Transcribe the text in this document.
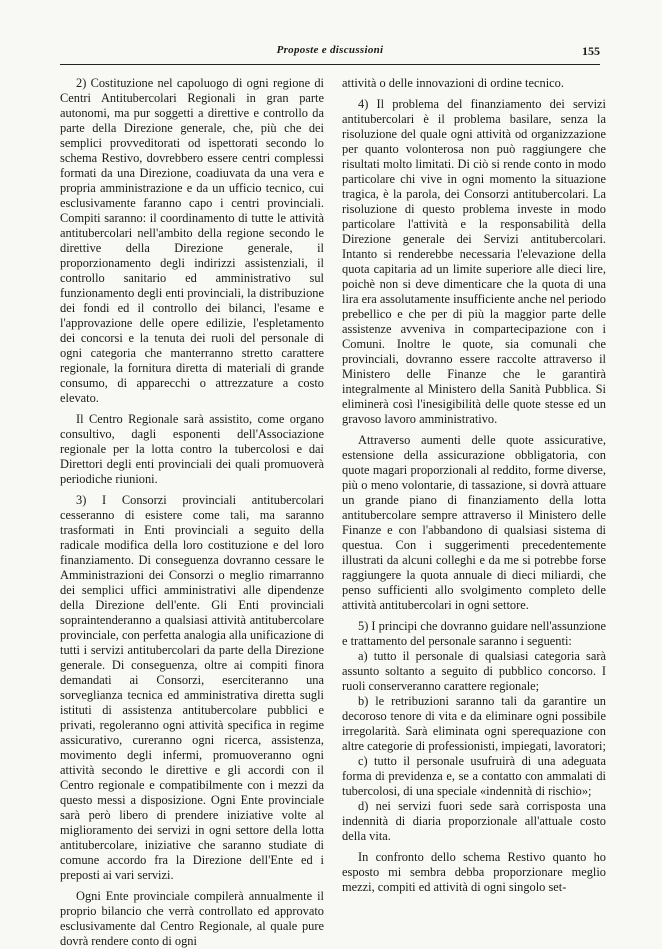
Proposte e discussioni	155

2) Costituzione nel capoluogo di ogni regione di Centri Antitubercolari Regionali in gran parte autonomi, ma pur soggetti a direttive e controllo da parte della Direzione generale, che, più che dei semplici provveditorati od ispettorati secondo lo schema Restivo, dovrebbero essere centri complessi formati da una Direzione, coadiuvata da una vera e propria amministrazione e da un ufficio tecnico, cui esclusivamente faranno capo i centri provinciali. Compiti saranno: il coordinamento di tutte le attività antitubercolari nell'ambito della regione secondo le direttive della Direzione generale, il proporzionamento degli indirizzi assistenziali, il controllo sanitario ed amministrativo sul funzionamento degli enti provinciali, la distribuzione dei fondi ed il controllo dei bilanci, l'esame e l'approvazione delle opere edilizie, l'espletamento dei concorsi e la tenuta dei ruoli del personale di ogni categoria che manterranno stretto carattere regionale, la fornitura diretta di materiali di grande consumo, di apparecchi o attrezzature a costo elevato.

Il Centro Regionale sarà assistito, come organo consultivo, dagli esponenti dell'Associazione regionale per la lotta contro la tubercolosi e dai Direttori degli enti provinciali dei quali promuoverà periodiche riunioni.

3) I Consorzi provinciali antitubercolari cesseranno di esistere come tali, ma saranno trasformati in Enti provinciali a seguito della radicale modifica della loro costituzione e del loro finanziamento. Di conseguenza dovranno cessare le Amministrazioni dei Consorzi o meglio rimarranno dei semplici uffici amministrativi alle dipendenze della Direzione dell'ente. Gli Enti provinciali sopraintenderanno a qualsiasi attività antitubercolare provinciale, con perfetta analogia alla unificazione di tutti i servizi antitubercolari da parte della Direzione generale. Di conseguenza, oltre ai compiti finora demandati ai Consorzi, eserciteranno una sorveglianza tecnica ed amministrativa diretta sugli istituti di assistenza antitubercolare pubblici e privati, regoleranno ogni attività specifica in regime assicurativo, cureranno ogni ricerca, assistenza, movimento degli infermi, promuoveranno ogni attività secondo le direttive e gli accordi con il Centro regionale e compatibilmente con i mezzi da questo messi a disposizione. Ogni Ente provinciale sarà però libero di prendere iniziative volte al miglioramento dei servizi in ogni settore della lotta antitubercolare, iniziative che saranno studiate di comune accordo fra la Direzione dell'Ente ed i preposti ai vari servizi.

Ogni Ente provinciale compilerà annualmente il proprio bilancio che verrà controllato ed approvato esclusivamente dal Centro Regionale, al quale pure dovrà rendere conto di ogni

attività o delle innovazioni di ordine tecnico.

4) Il problema del finanziamento dei servizi antitubercolari è il problema basilare, senza la risoluzione del quale ogni attività od organizzazione per quanto volonterosa non può raggiungere che risultati molto limitati. Di ciò si rende conto in modo particolare chi vive in ogni momento la situazione tragica, è la parola, dei Consorzi antitubercolari. La risoluzione di questo problema investe in modo particolare l'attività e la responsabilità della Direzione generale dei Servizi antitubercolari. Intanto si renderebbe necessaria l'elevazione della quota capitaria ad un limite superiore alle dieci lire, poichè non si deve dimenticare che la quota di una lira era assolutamente insufficiente anche nel periodo prebellico e che per di più la maggior parte delle assistenze avveniva in compartecipazione con i Comuni. Inoltre le quote, sia comunali che provinciali, dovranno essere raccolte attraverso il Ministero delle Finanze che le garantirà integralmente al Ministero della Sanità Pubblica. Si eliminerà così l'inesigibilità delle quote stesse ed un gravoso lavoro amministrativo.

Attraverso aumenti delle quote assicurative, estensione della assicurazione obbligatoria, con quote magari proporzionali al reddito, forme diverse, più o meno volontarie, di tassazione, si dovrà attuare un grande piano di finanziamento della lotta antitubercolare sempre attraverso il Ministero delle Finanze e con l'abbandono di qualsiasi sistema di questua. Con i suggerimenti precedentemente illustrati da alcuni colleghi e da me si potrebbe forse raggiungere la quota annuale di dieci miliardi, che penso sufficienti allo svolgimento completo delle attività antitubercolari in ogni settore.

5) I principi che dovranno guidare nell'assunzione e trattamento del personale saranno i seguenti:

a) tutto il personale di qualsiasi categoria sarà assunto soltanto a seguito di pubblico concorso. I ruoli conserveranno carattere regionale;

b) le retribuzioni saranno tali da garantire un decoroso tenore di vita e da eliminare ogni possibile irregolarità. Sarà eliminata ogni sperequazione con altre categorie di professionisti, impiegati, lavoratori;

c) tutto il personale usufruirà di una adeguata forma di previdenza e, se a contatto con ammalati di tubercolosi, di una speciale «indennità di rischio»;

d) nei servizi fuori sede sarà corrisposta una indennità di diaria proporzionale all'attuale costo della vita.

In confronto dello schema Restivo quanto ho esposto mi sembra debba proporzionare meglio mezzi, compiti ed attività di ogni singolo set-
